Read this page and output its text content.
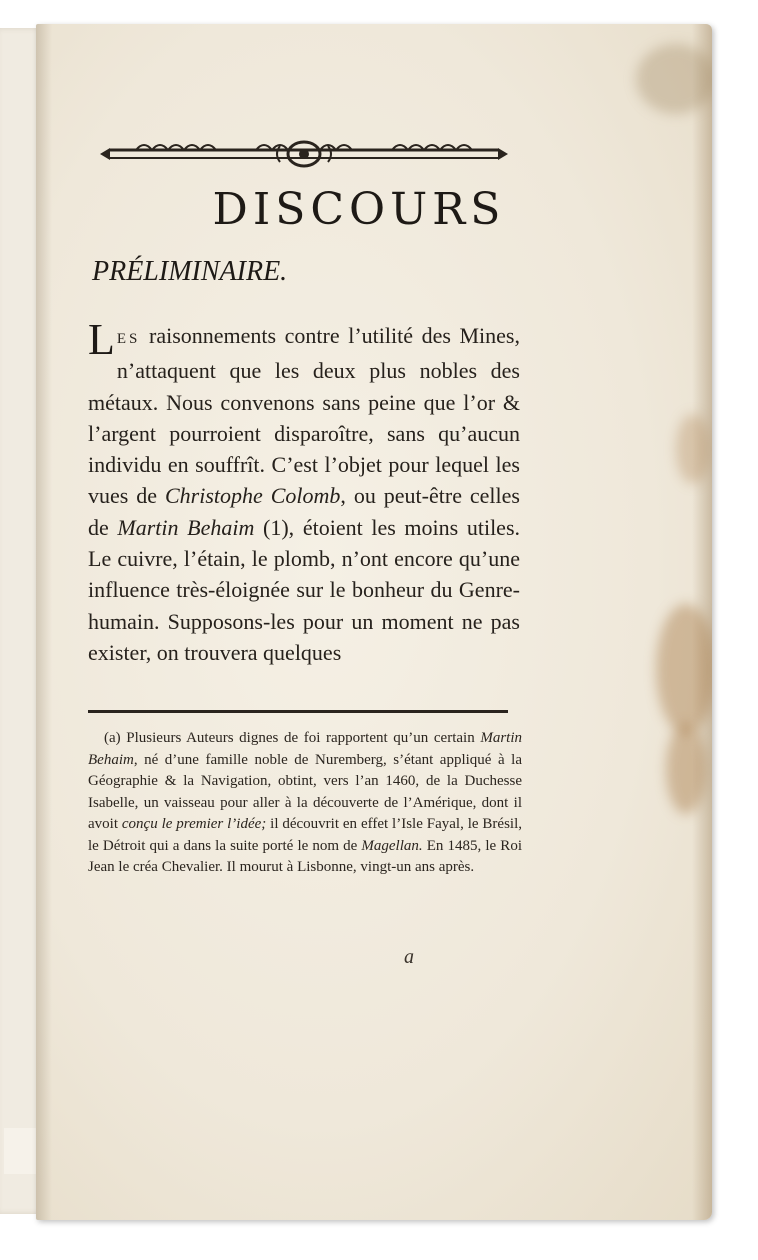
DISCOURS
PRÉLIMINAIRE.

LES raisonnements contre l’utilité des Mines, n’attaquent que les deux plus nobles des métaux. Nous convenons sans peine que l’or & l’argent pourroient disparoître, sans qu’aucun individu en souffrît. C’est l’objet pour lequel les vues de Christophe Colomb, ou peut-être celles de Martin Behaim (1), étoient les moins utiles. Le cuivre, l’étain, le plomb, n’ont encore qu’une influence très-éloignée sur le bonheur du Genre-humain. Supposons-les pour un moment ne pas exister, on trouvera quelques

(a) Plusieurs Auteurs dignes de foi rapportent qu’un certain Martin Behaim, né d’une famille noble de Nuremberg, s’étant appliqué à la Géographie & la Navigation, obtint, vers l’an 1460, de la Duchesse Isabelle, un vaisseau pour aller à la découverte de l’Amérique, dont il avoit conçu le premier l’idée; il découvrit en effet l’Isle Fayal, le Brésil, le Détroit qui a dans la suite porté le nom de Magellan. En 1485, le Roi Jean le créa Chevalier. Il mourut à Lisbonne, vingt-un ans après.

a
